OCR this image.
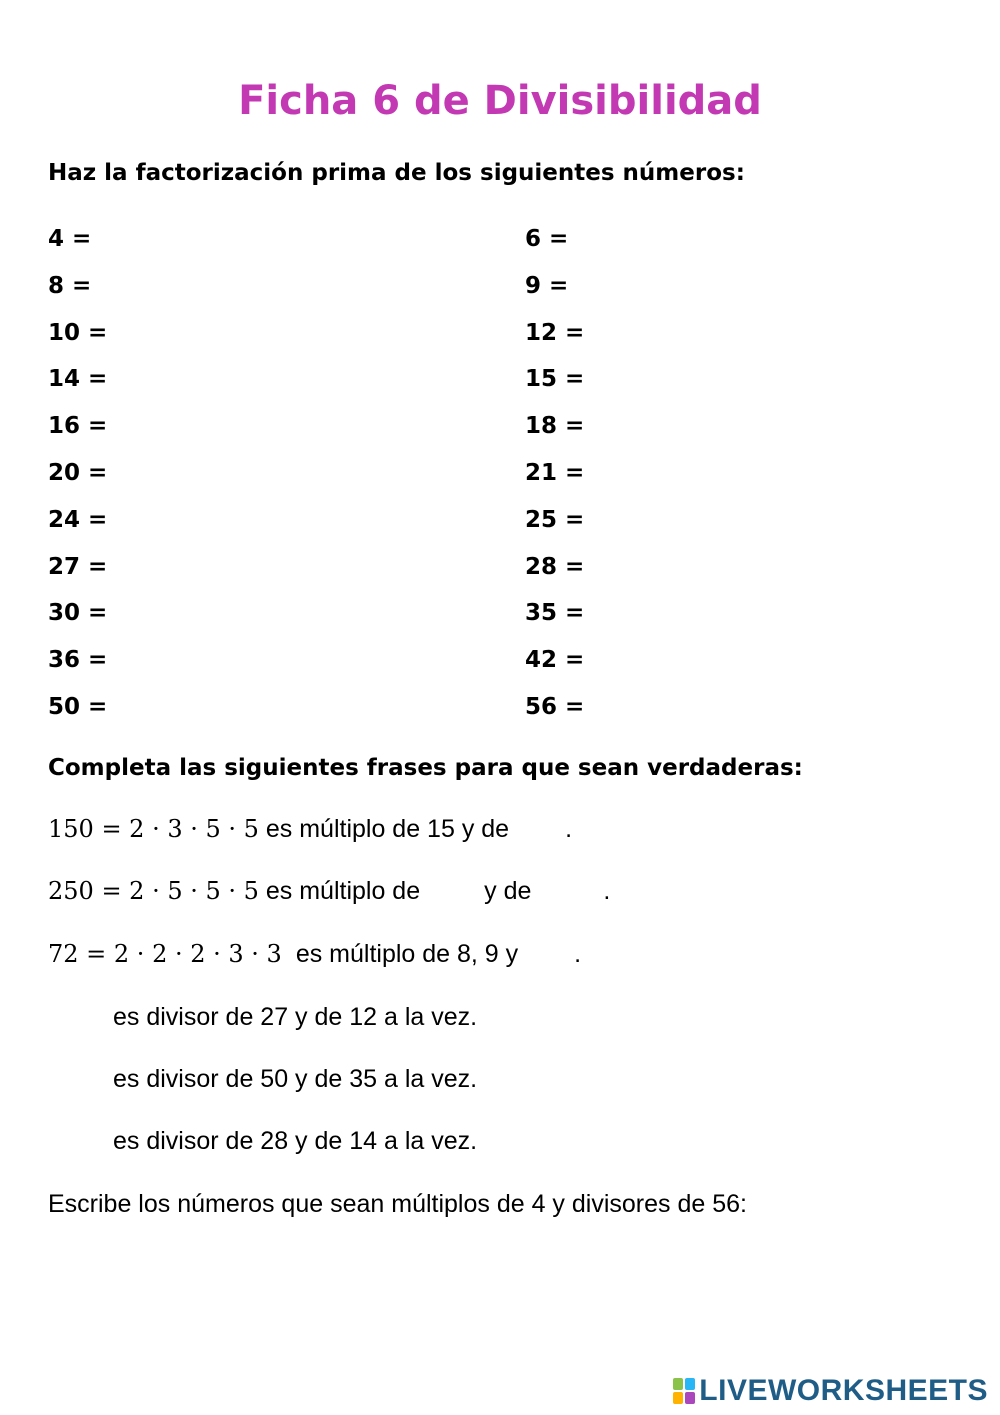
Ficha 6 de Divisibilidad
Haz la factorización prima de los siguientes números:
4 =	6 =
8 =	9 =
10 =	12 =
14 =	15 =
16 =	18 =
20 =	21 =
24 =	25 =
27 =	28 =
30 =	35 =
36 =	42 =
50 =	56 =
Completa las siguientes frases para que sean verdaderas:
150 = 2 · 3 · 5 · 5 es múltiplo de 15 y de .
250 = 2 · 5 · 5 · 5 es múltiplo de	y de	.
72 = 2 · 2 · 2 · 3 · 3 es múltiplo de 8, 9 y .
es divisor de 27 y de 12 a la vez.
es divisor de 50 y de 35 a la vez.
es divisor de 28 y de 14 a la vez.
Escribe los números que sean múltiplos de 4 y divisores de 56:
LIVEWORKSHEETS
